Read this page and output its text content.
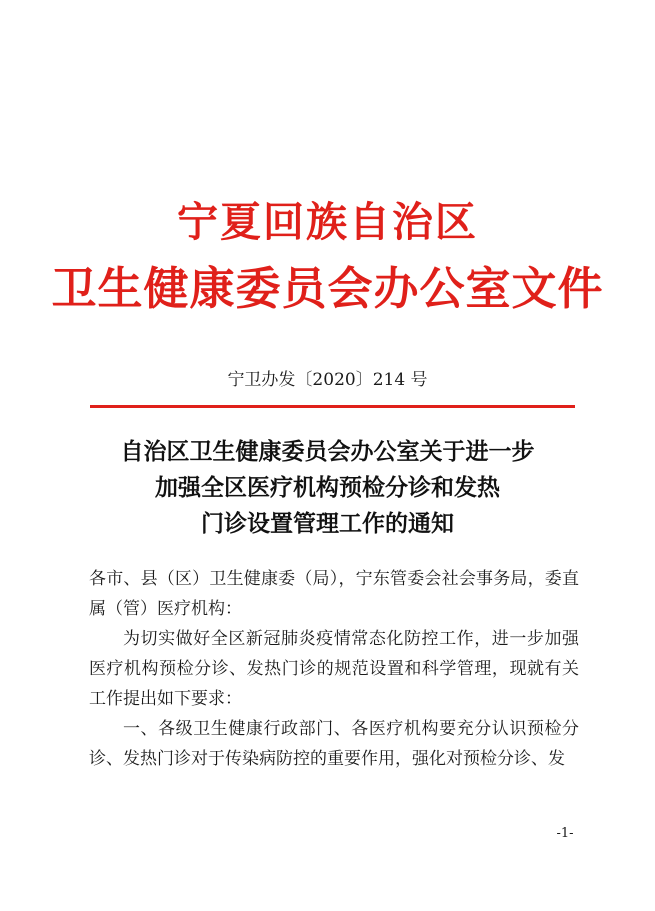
宁夏回族自治区
卫生健康委员会办公室文件
宁卫办发〔2020〕214 号
自治区卫生健康委员会办公室关于进一步
加强全区医疗机构预检分诊和发热
门诊设置管理工作的通知

各市、县（区）卫生健康委（局），宁东管委会社会事务局，委直属（管）医疗机构：

为切实做好全区新冠肺炎疫情常态化防控工作，进一步加强医疗机构预检分诊、发热门诊的规范设置和科学管理，现就有关工作提出如下要求：

一、各级卫生健康行政部门、各医疗机构要充分认识预检分诊、发热门诊对于传染病防控的重要作用，强化对预检分诊、发

-1-
